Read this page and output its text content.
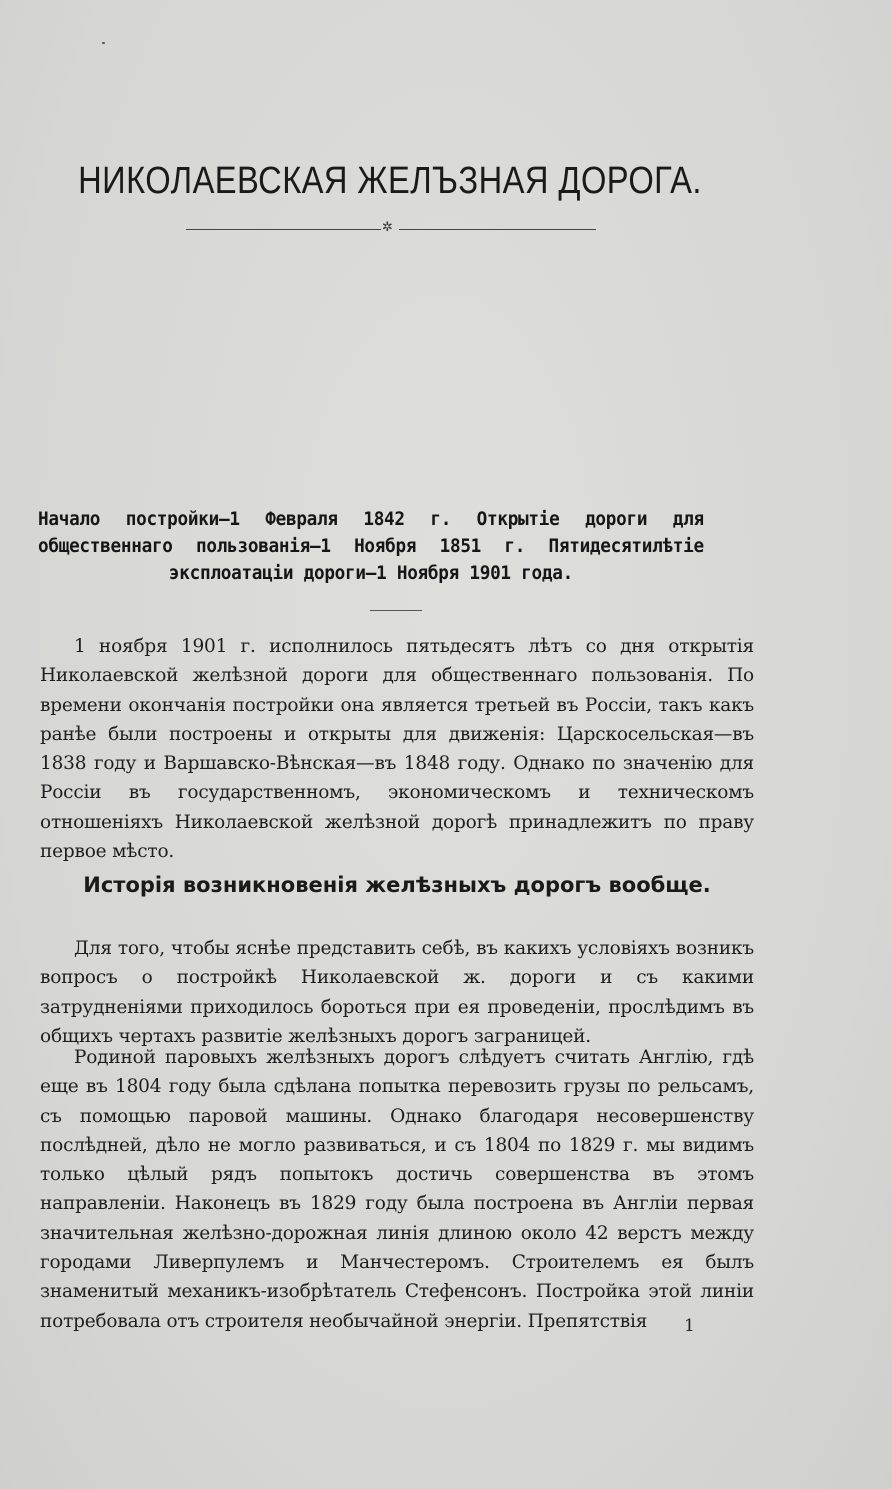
НИКОЛАЕВСКАЯ ЖЕЛЪЗНАЯ ДОРОГА.
✲
Начало постройки—1 Февраля 1842 г. Открытіе дороги для общественнаго пользованія—1 Ноября 1851 г. Пятидесятилѣтіе эксплоатаціи дороги—1 Ноября 1901 года.

1 ноября 1901 г. исполнилось пятьдесятъ лѣтъ со дня открытія Николаевской желѣзной дороги для общественнаго пользованія. По времени окончанія постройки она является третьей въ Россіи, такъ какъ ранѣе были построены и открыты для движенія: Царскосельская—въ 1838 году и Варшавско-Вѣнская—въ 1848 году. Однако по значенію для Россіи въ государственномъ, экономическомъ и техническомъ отношеніяхъ Николаевской желѣзной дорогѣ принадлежитъ по праву первое мѣсто.

Исторія возникновенія желѣзныхъ дорогъ вообще.

Для того, чтобы яснѣе представить себѣ, въ какихъ условіяхъ возникъ вопросъ о постройкѣ Николаевской ж. дороги и съ какими затрудненіями приходилось бороться при ея проведеніи, прослѣдимъ въ общихъ чертахъ развитіе желѣзныхъ дорогъ заграницей.

Родиной паровыхъ желѣзныхъ дорогъ слѣдуетъ считать Англію, гдѣ еще въ 1804 году была сдѣлана попытка перевозить грузы по рельсамъ, съ помощью паровой машины. Однако благодаря несовершенству послѣдней, дѣло не могло развиваться, и съ 1804 по 1829 г. мы видимъ только цѣлый рядъ попытокъ достичь совершенства въ этомъ направленіи. Наконецъ въ 1829 году была построена въ Англіи первая значительная желѣзно-дорожная линія длиною около 42 верстъ между городами Ливерпулемъ и Манчестеромъ. Строителемъ ея былъ знаменитый механикъ-изобрѣтатель Стефенсонъ. Постройка этой линіи потребовала отъ строителя необычайной энергіи. Препятствія	1
